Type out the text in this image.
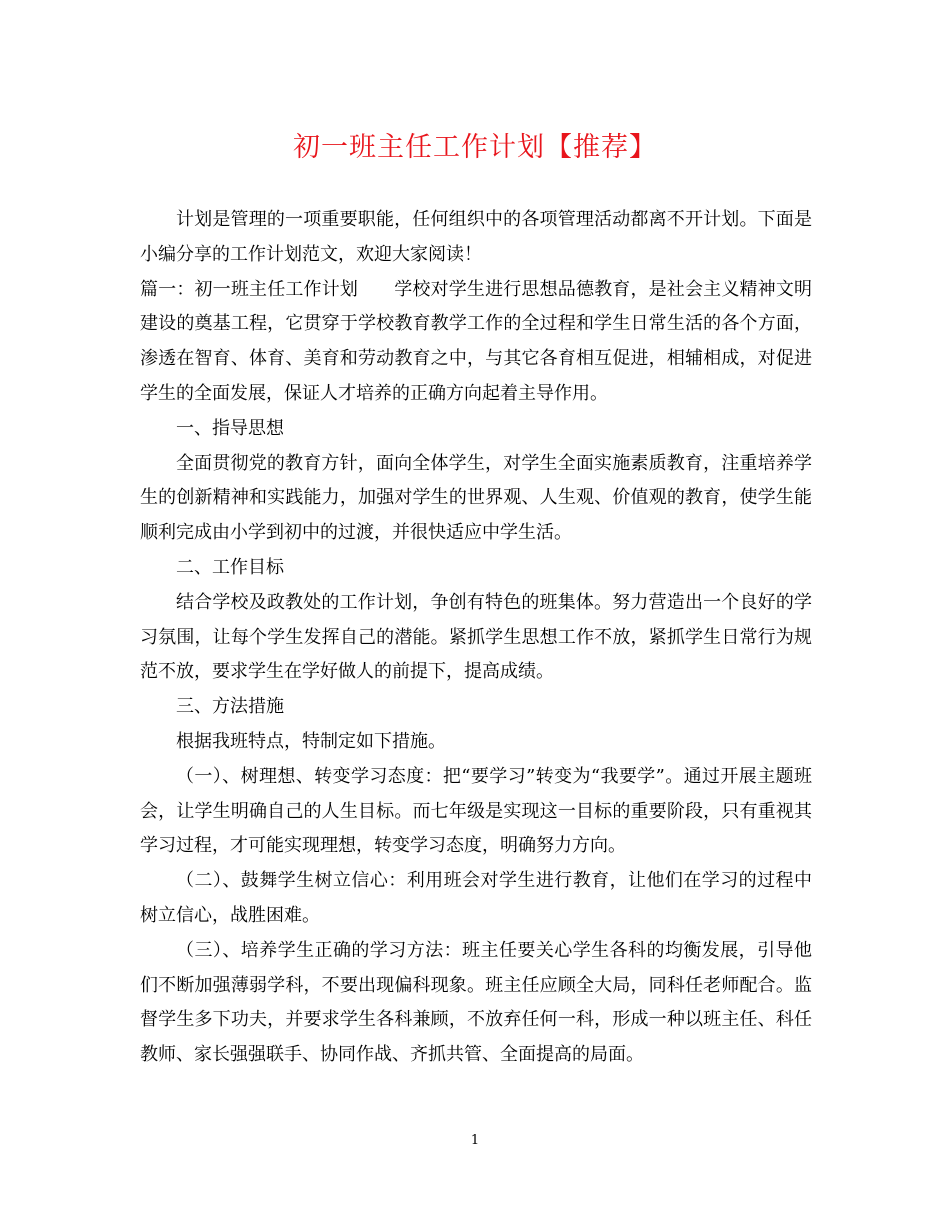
初一班主任工作计划【推荐】

计划是管理的一项重要职能，任何组织中的各项管理活动都离不开计划。下面是小编分享的工作计划范文，欢迎大家阅读！

篇一：初一班主任工作计划 学校对学生进行思想品德教育，是社会主义精神文明建设的奠基工程，它贯穿于学校教育教学工作的全过程和学生日常生活的各个方面，渗透在智育、体育、美育和劳动教育之中，与其它各育相互促进，相辅相成，对促进学生的全面发展，保证人才培养的正确方向起着主导作用。

一、指导思想

全面贯彻党的教育方针，面向全体学生，对学生全面实施素质教育，注重培养学生的创新精神和实践能力，加强对学生的世界观、人生观、价值观的教育，使学生能顺利完成由小学到初中的过渡，并很快适应中学生活。

二、工作目标

结合学校及政教处的工作计划，争创有特色的班集体。努力营造出一个良好的学习氛围，让每个学生发挥自己的潜能。紧抓学生思想工作不放，紧抓学生日常行为规范不放，要求学生在学好做人的前提下，提高成绩。

三、方法措施

根据我班特点，特制定如下措施。

（一）、树理想、转变学习态度：把“要学习”转变为“我要学”。通过开展主题班会，让学生明确自己的人生目标。而七年级是实现这一目标的重要阶段，只有重视其学习过程，才可能实现理想，转变学习态度，明确努力方向。

（二）、鼓舞学生树立信心：利用班会对学生进行教育，让他们在学习的过程中树立信心，战胜困难。

（三）、培养学生正确的学习方法：班主任要关心学生各科的均衡发展，引导他们不断加强薄弱学科，不要出现偏科现象。班主任应顾全大局，同科任老师配合。监督学生多下功夫，并要求学生各科兼顾，不放弃任何一科，形成一种以班主任、科任教师、家长强强联手、协同作战、齐抓共管、全面提高的局面。

1
